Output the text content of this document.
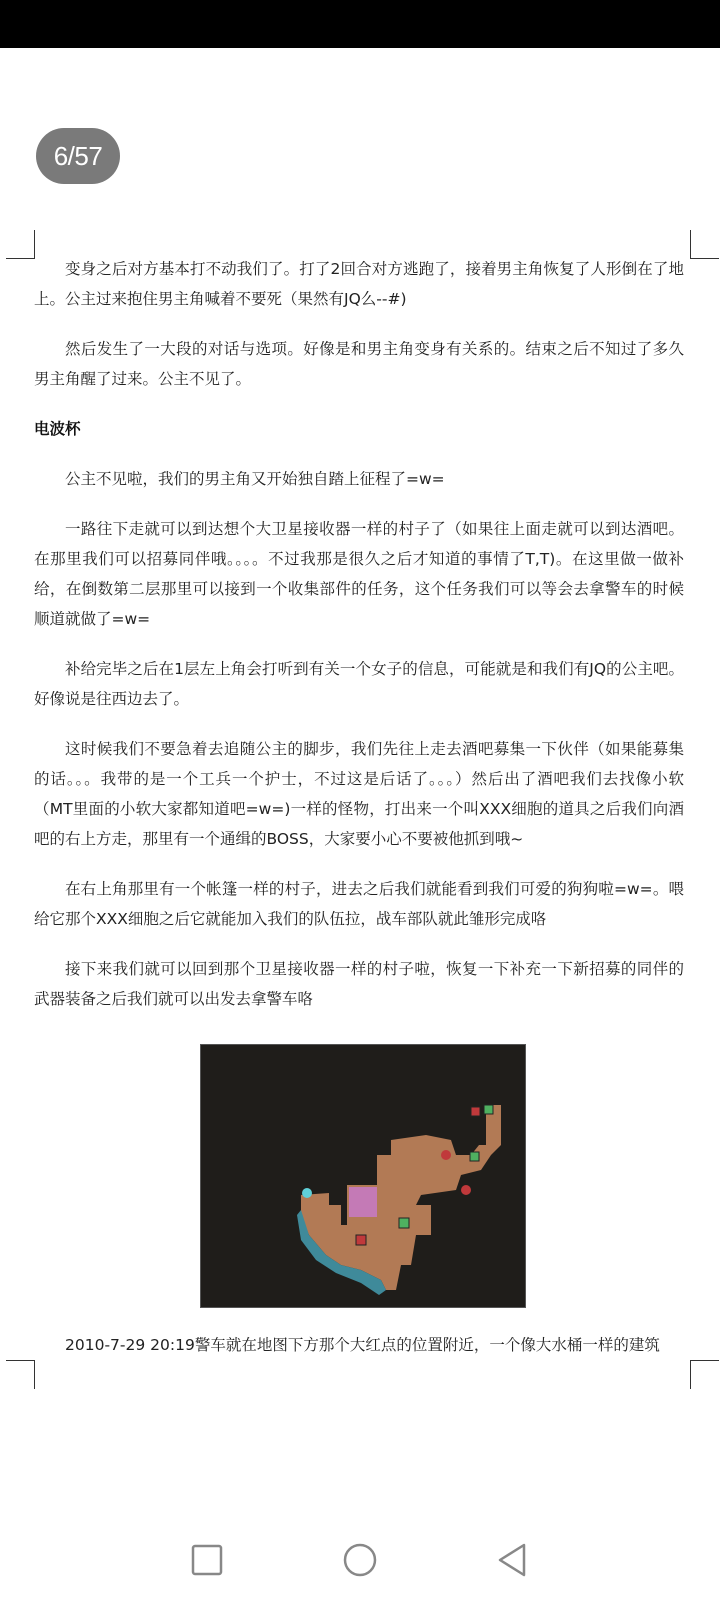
6/57

变身之后对方基本打不动我们了。打了2回合对方逃跑了，接着男主角恢复了人形倒在了地上。公主过来抱住男主角喊着不要死（果然有JQ么--#)

然后发生了一大段的对话与选项。好像是和男主角变身有关系的。结束之后不知过了多久男主角醒了过来。公主不见了。

电波杯

公主不见啦，我们的男主角又开始独自踏上征程了=w=

一路往下走就可以到达想个大卫星接收器一样的村子了（如果往上面走就可以到达酒吧。在那里我们可以招募同伴哦。。。。不过我那是很久之后才知道的事情了T,T)。在这里做一做补给，在倒数第二层那里可以接到一个收集部件的任务，这个任务我们可以等会去拿警车的时候顺道就做了=w=

补给完毕之后在1层左上角会打听到有关一个女子的信息，可能就是和我们有JQ的公主吧。好像说是往西边去了。

这时候我们不要急着去追随公主的脚步，我们先往上走去酒吧募集一下伙伴（如果能募集的话。。。我带的是一个工兵一个护士，不过这是后话了。。。）然后出了酒吧我们去找像小软（MT里面的小软大家都知道吧=w=)一样的怪物，打出来一个叫XXX细胞的道具之后我们向酒吧的右上方走，那里有一个通缉的BOSS，大家要小心不要被他抓到哦~

在右上角那里有一个帐篷一样的村子，进去之后我们就能看到我们可爱的狗狗啦=w=。喂给它那个XXX细胞之后它就能加入我们的队伍拉，战车部队就此雏形完成咯

接下来我们就可以回到那个卫星接收器一样的村子啦，恢复一下补充一下新招募的同伴的武器装备之后我们就可以出发去拿警车咯

2010-7-29 20:19警车就在地图下方那个大红点的位置附近，一个像大水桶一样的建筑
